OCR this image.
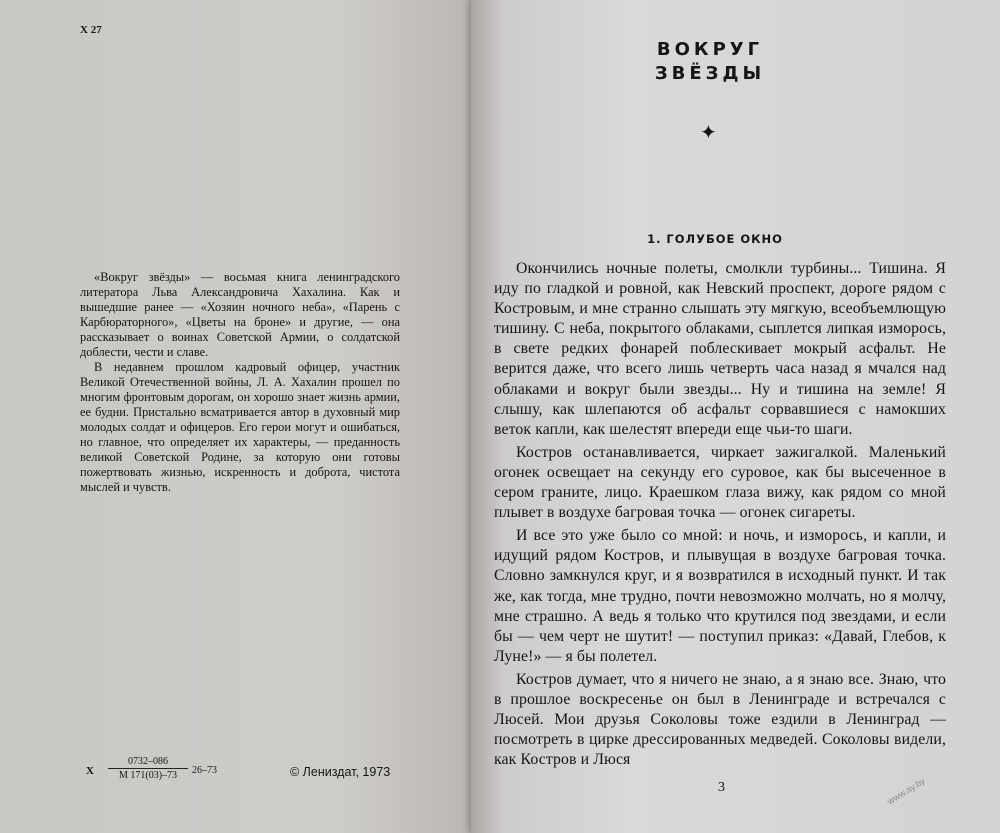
Х 27

«Вокруг звёзды» — восьмая книга ленинградского литератора Льва Александровича Хахалина. Как и вышедшие ранее — «Хозяин ночного неба», «Парень с Карбюраторного», «Цветы на броне» и другие, — она рассказывает о воинах Советской Армии, о солдатской доблести, чести и славе.

В недавнем прошлом кадровый офицер, участник Великой Отечественной войны, Л. А. Хахалин прошел по многим фронтовым дорогам, он хорошо знает жизнь армии, ее будни. Пристально всматривается автор в духовный мир молодых солдат и офицеров. Его герои могут и ошибаться, но главное, что определяет их характеры, — преданность великой Советской Родине, за которую они готовы пожертвовать жизнью, искренность и доброта, чистота мыслей и чувств.

Х
0732–086
М 171(03)–73	26–73	© Лениздат, 1973
ВОКРУГ
ЗВЁЗДЫ
✦
1. ГОЛУБОЕ ОКНО

Окончились ночные полеты, смолкли турбины... Тишина. Я иду по гладкой и ровной, как Невский проспект, дороге рядом с Костровым, и мне странно слышать эту мягкую, всеобъемлющую тишину. С неба, покрытого облаками, сыплется липкая изморось, в свете редких фонарей поблескивает мокрый асфальт. Не верится даже, что всего лишь четверть часа назад я мчался над облаками и вокруг были звезды... Ну и тишина на земле! Я слышу, как шлепаются об асфальт сорвавшиеся с намокших веток капли, как шелестят впереди еще чьи-то шаги.

Костров останавливается, чиркает зажигалкой. Маленький огонек освещает на секунду его суровое, как бы высеченное в сером граните, лицо. Краешком глаза вижу, как рядом со мной плывет в воздухе багровая точка — огонек сигареты.

И все это уже было со мной: и ночь, и изморось, и капли, и идущий рядом Костров, и плывущая в воздухе багровая точка. Словно замкнулся круг, и я возвратился в исходный пункт. И так же, как тогда, мне трудно, почти невозможно молчать, но я молчу, мне страшно. А ведь я только что крутился под звездами, и если бы — чем черт не шутит! — поступил приказ: «Давай, Глебов, к Луне!» — я бы полетел.

Костров думает, что я ничего не знаю, а я знаю все. Знаю, что в прошлое воскресенье он был в Ленинграде и встречался с Люсей. Мои друзья Соколовы тоже ездили в Ленинград — посмотреть в цирке дрессированных медведей. Соколовы видели, как Костров и Люся

3	www.ay.by
